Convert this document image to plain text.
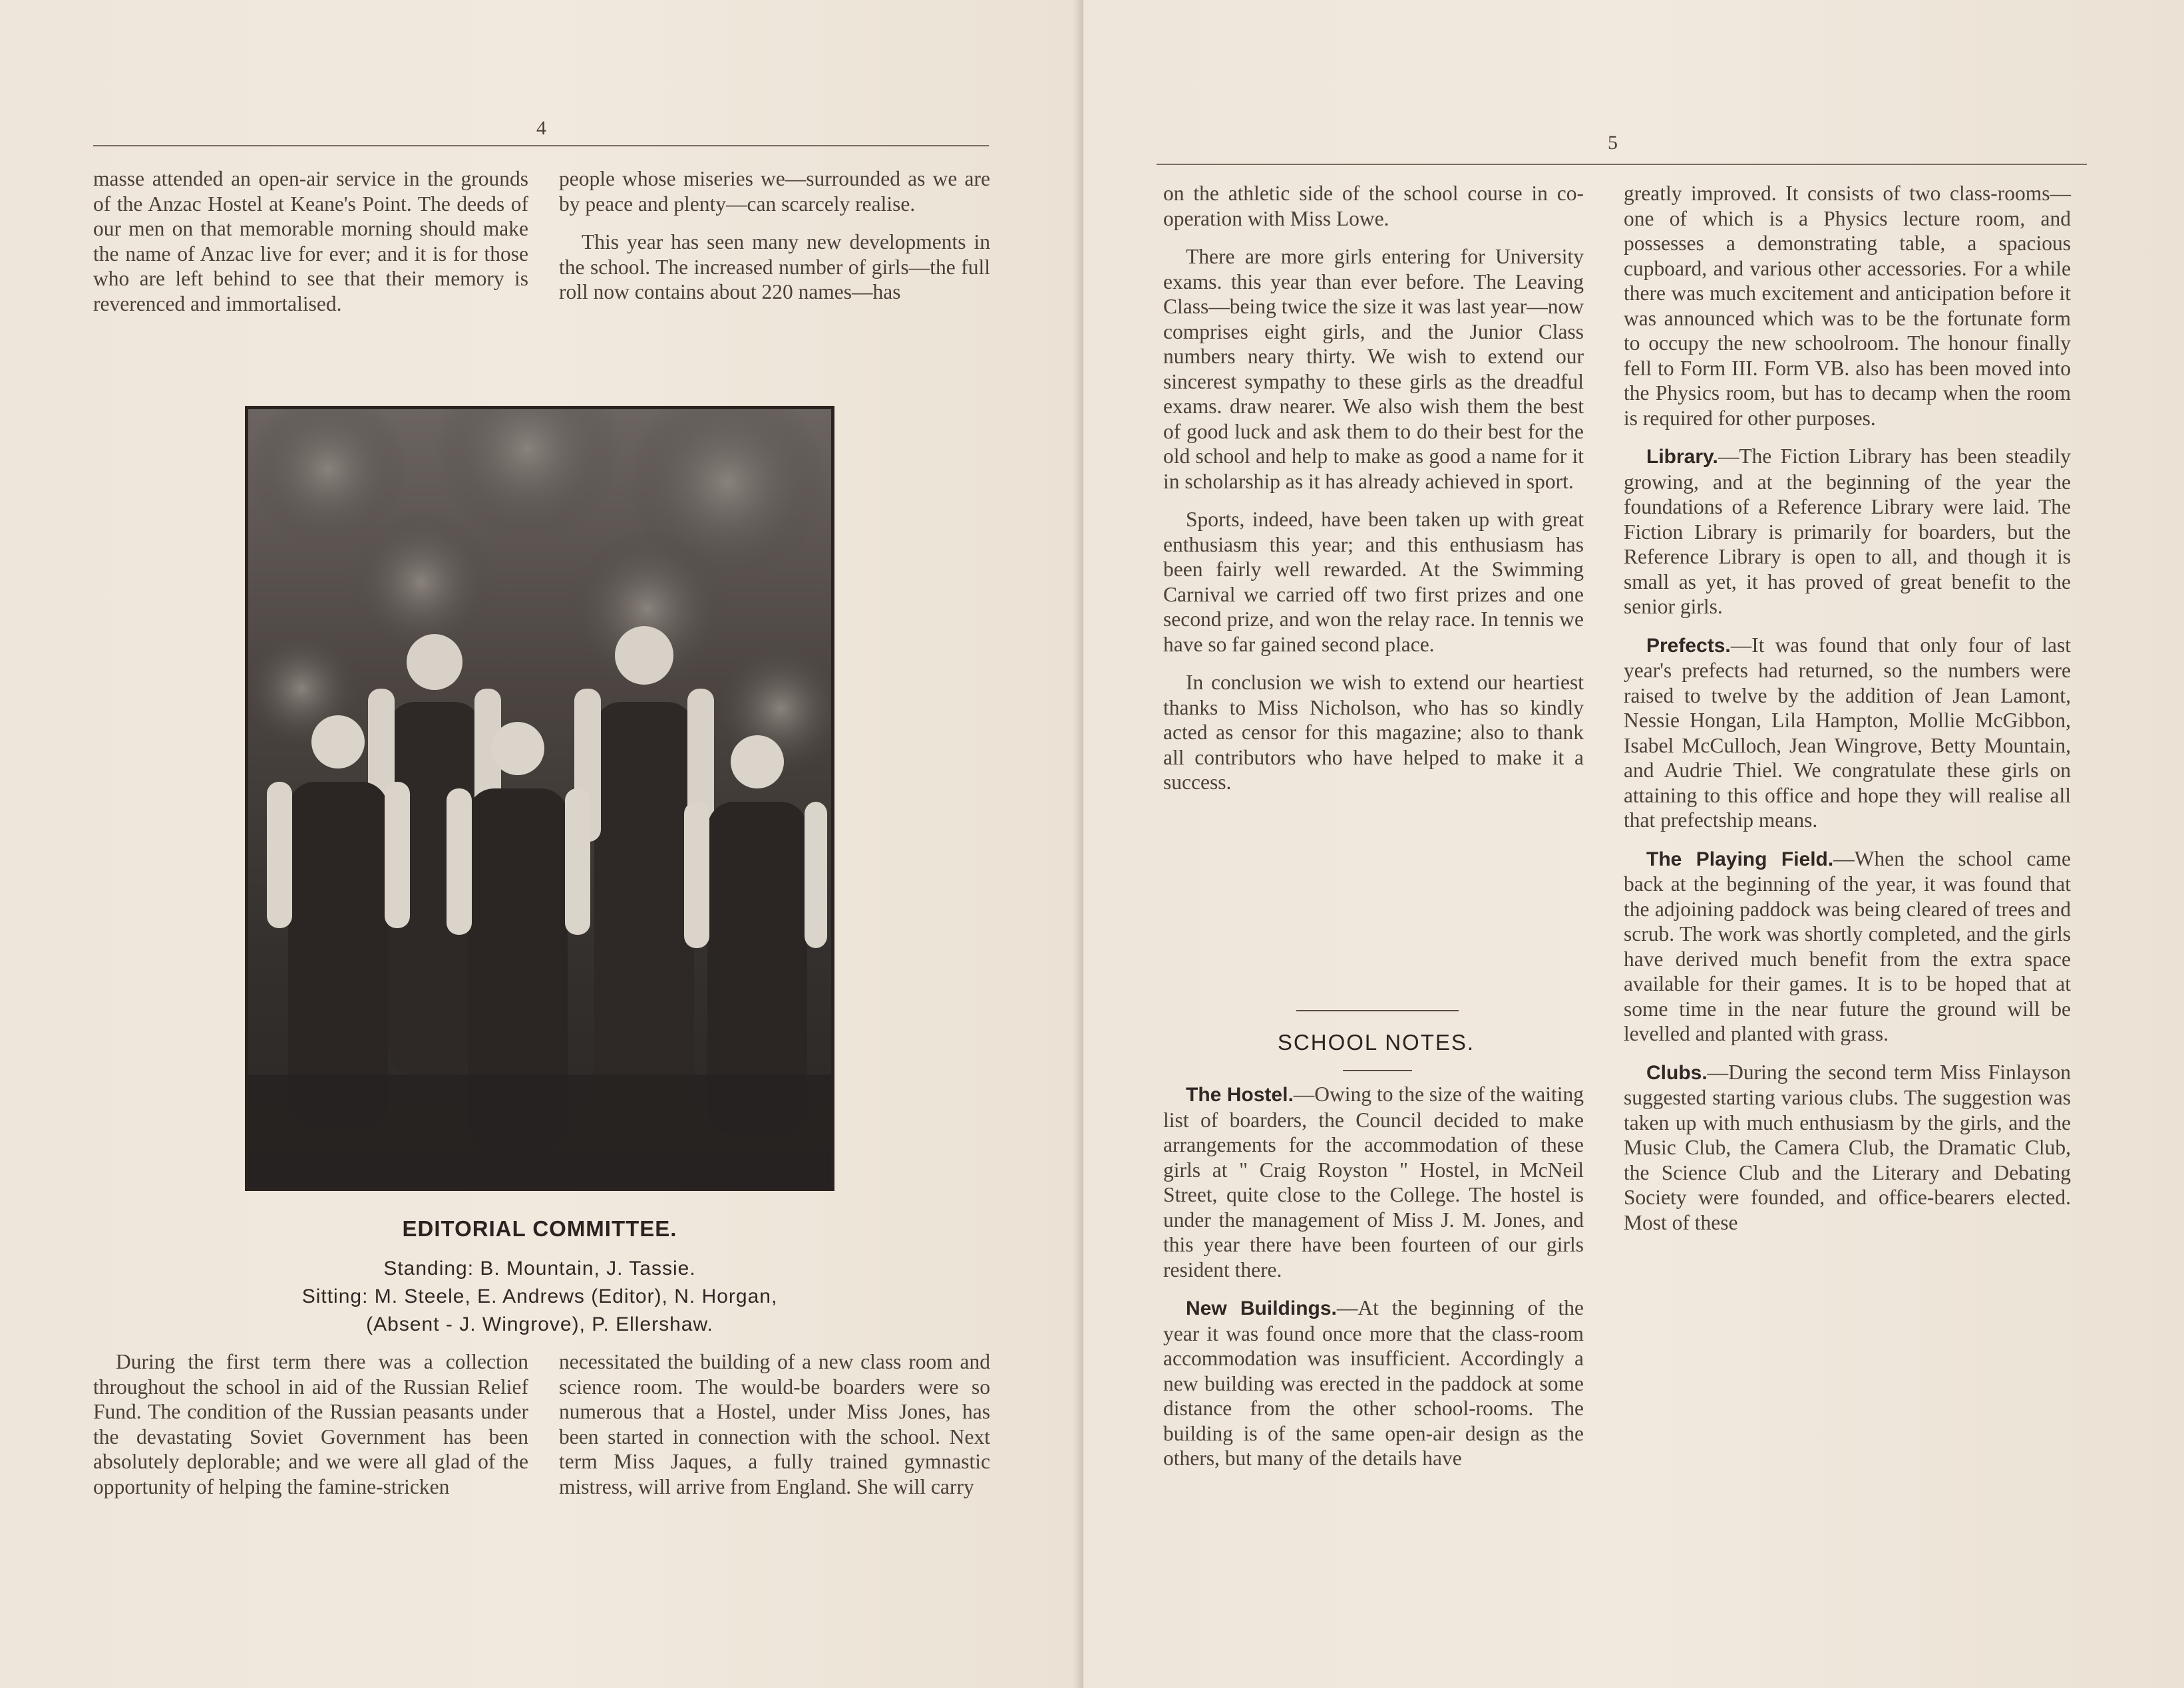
4

masse attended an open-air service in the grounds of the Anzac Hostel at Keane's Point. The deeds of our men on that memorable morning should make the name of Anzac live for ever; and it is for those who are left behind to see that their memory is reverenced and immortalised.

people whose miseries we—surrounded as we are by peace and plenty—can scarcely realise.

This year has seen many new developments in the school. The increased number of girls—the full roll now contains about 220 names—has

EDITORIAL COMMITTEE.
Standing: B. Mountain, J. Tassie.
Sitting: M. Steele, E. Andrews (Editor), N. Horgan,
(Absent - J. Wingrove), P. Ellershaw.

During the first term there was a collection throughout the school in aid of the Russian Relief Fund. The condition of the Russian peasants under the devastating Soviet Government has been absolutely deplorable; and we were all glad of the opportunity of helping the famine-stricken

necessitated the building of a new class room and science room. The would-be boarders were so numerous that a Hostel, under Miss Jones, has been started in connection with the school. Next term Miss Jaques, a fully trained gymnastic mistress, will arrive from England. She will carry

5

on the athletic side of the school course in co-operation with Miss Lowe.

There are more girls entering for University exams. this year than ever before. The Leaving Class—being twice the size it was last year—now comprises eight girls, and the Junior Class numbers neary thirty. We wish to extend our sincerest sympathy to these girls as the dreadful exams. draw nearer. We also wish them the best of good luck and ask them to do their best for the old school and help to make as good a name for it in scholarship as it has already achieved in sport.

Sports, indeed, have been taken up with great enthusiasm this year; and this enthusiasm has been fairly well rewarded. At the Swimming Carnival we carried off two first prizes and one second prize, and won the relay race. In tennis we have so far gained second place.

In conclusion we wish to extend our heartiest thanks to Miss Nicholson, who has so kindly acted as censor for this magazine; also to thank all contributors who have helped to make it a success.

greatly improved. It consists of two class-rooms—one of which is a Physics lecture room, and possesses a demonstrating table, a spacious cupboard, and various other accessories. For a while there was much excitement and anticipation before it was announced which was to be the fortunate form to occupy the new schoolroom. The honour finally fell to Form III. Form VB. also has been moved into the Physics room, but has to decamp when the room is required for other purposes.

Library.—The Fiction Library has been steadily growing, and at the beginning of the year the foundations of a Reference Library were laid. The Fiction Library is primarily for boarders, but the Reference Library is open to all, and though it is small as yet, it has proved of great benefit to the senior girls.

Prefects.—It was found that only four of last year's prefects had returned, so the numbers were raised to twelve by the addition of Jean Lamont, Nessie Hongan, Lila Hampton, Mollie McGibbon, Isabel McCulloch, Jean Wingrove, Betty Mountain, and Audrie Thiel. We congratulate these girls on attaining to this office and hope they will realise all that prefectship means.

The Playing Field.—When the school came back at the beginning of the year, it was found that the adjoining paddock was being cleared of trees and scrub. The work was shortly completed, and the girls have derived much benefit from the extra space available for their games. It is to be hoped that at some time in the near future the ground will be levelled and planted with grass.

Clubs.—During the second term Miss Finlayson suggested starting various clubs. The suggestion was taken up with much enthusiasm by the girls, and the Music Club, the Camera Club, the Dramatic Club, the Science Club and the Literary and Debating Society were founded, and office-bearers elected. Most of these

SCHOOL NOTES.

The Hostel.—Owing to the size of the waiting list of boarders, the Council decided to make arrangements for the accommodation of these girls at " Craig Royston " Hostel, in McNeil Street, quite close to the College. The hostel is under the management of Miss J. M. Jones, and this year there have been fourteen of our girls resident there.

New Buildings.—At the beginning of the year it was found once more that the class-room accommodation was insufficient. Accordingly a new building was erected in the paddock at some distance from the other school-rooms. The building is of the same open-air design as the others, but many of the details have
